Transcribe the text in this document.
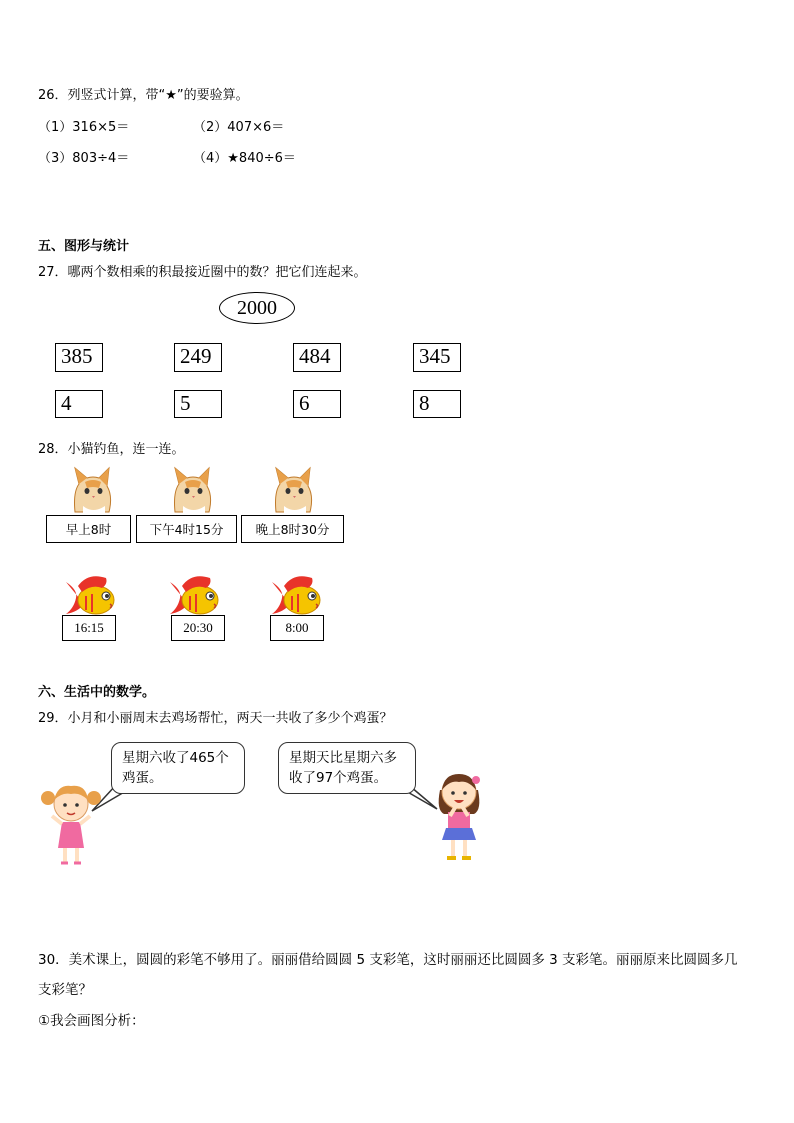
26．列竖式计算，带“★”的要验算。
（1）316×5＝	（2）407×6＝
（3）803÷4＝	（4）★840÷6＝
五、图形与统计
27．哪两个数相乘的积最接近圈中的数？把它们连起来。
2000
385	249	484	345
4	5	6	8
28．小猫钓鱼，连一连。
早上8时	下午4时15分	晚上8时30分
16:15	20:30	8:00
六、生活中的数学。
29．小月和小丽周末去鸡场帮忙，两天一共收了多少个鸡蛋？
星期六收了465个鸡蛋。
星期天比星期六多收了97个鸡蛋。
30．美术课上，圆圆的彩笔不够用了。丽丽借给圆圆 5 支彩笔，这时丽丽还比圆圆多 3 支彩笔。丽丽原来比圆圆多几
支彩笔？
①我会画图分析：
